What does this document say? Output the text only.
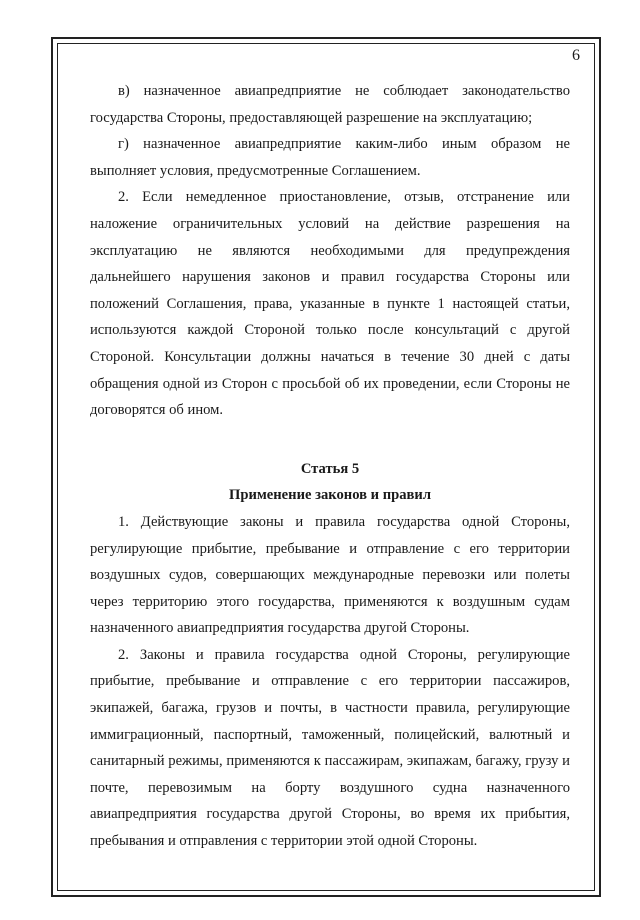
6

в) назначенное авиапредприятие не соблюдает законодательство государства Стороны, предоставляющей разрешение на эксплуатацию;

г) назначенное авиапредприятие каким-либо иным образом не выполняет условия, предусмотренные Соглашением.

2. Если немедленное приостановление, отзыв, отстранение или наложение ограничительных условий на действие разрешения на эксплуатацию не являются необходимыми для предупреждения дальнейшего нарушения законов и правил государства Стороны или положений Соглашения, права, указанные в пункте 1 настоящей статьи, используются каждой Стороной только после консультаций с другой Стороной. Консультации должны начаться в течение 30 дней с даты обращения одной из Сторон с просьбой об их проведении, если Стороны не договорятся об ином.

Статья 5

Применение законов и правил

1. Действующие законы и правила государства одной Стороны, регулирующие прибытие, пребывание и отправление с его территории воздушных судов, совершающих международные перевозки или полеты через территорию этого государства, применяются к воздушным судам назначенного авиапредприятия государства другой Стороны.

2. Законы и правила государства одной Стороны, регулирующие прибытие, пребывание и отправление с его территории пассажиров, экипажей, багажа, грузов и почты, в частности правила, регулирующие иммиграционный, паспортный, таможенный, полицейский, валютный и санитарный режимы, применяются к пассажирам, экипажам, багажу, грузу и почте, перевозимым на борту воздушного судна назначенного авиапредприятия государства другой Стороны, во время их прибытия, пребывания и отправления с территории этой одной Стороны.
